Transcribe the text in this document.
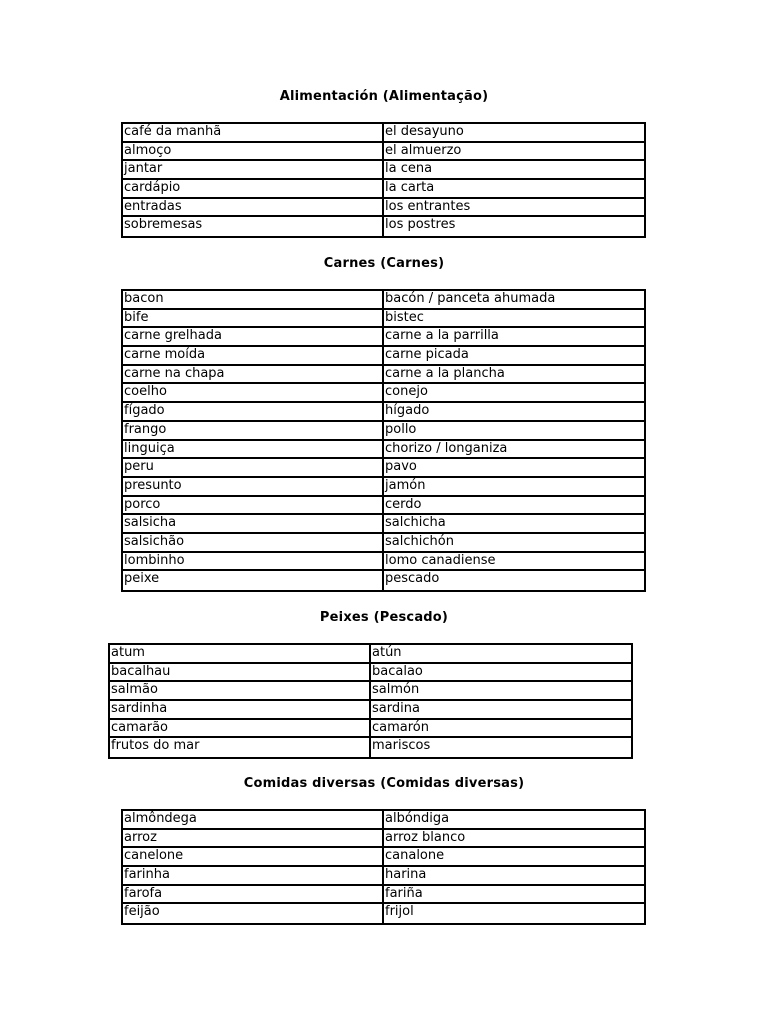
Alimentación (Alimentação)
café da manhã	el desayuno
almoço	el almuerzo
jantar	la cena
cardápio	la carta
entradas	los entrantes
sobremesas	los postres
Carnes (Carnes)
bacon	bacón / panceta ahumada
bife	bistec
carne grelhada	carne a la parrilla
carne moída	carne picada
carne na chapa	carne a la plancha
coelho	conejo
fígado	hígado
frango	pollo
linguiça	chorizo / longaniza
peru	pavo
presunto	jamón
porco	cerdo
salsicha	salchicha
salsichão	salchichón
lombinho	lomo canadiense
peixe	pescado
Peixes (Pescado)
atum	atún
bacalhau	bacalao
salmão	salmón
sardinha	sardina
camarão	camarón
frutos do mar	mariscos
Comidas diversas (Comidas diversas)
almôndega	albóndiga
arroz	arroz blanco
canelone	canalone
farinha	harina
farofa	fariña
feijão	frijol
